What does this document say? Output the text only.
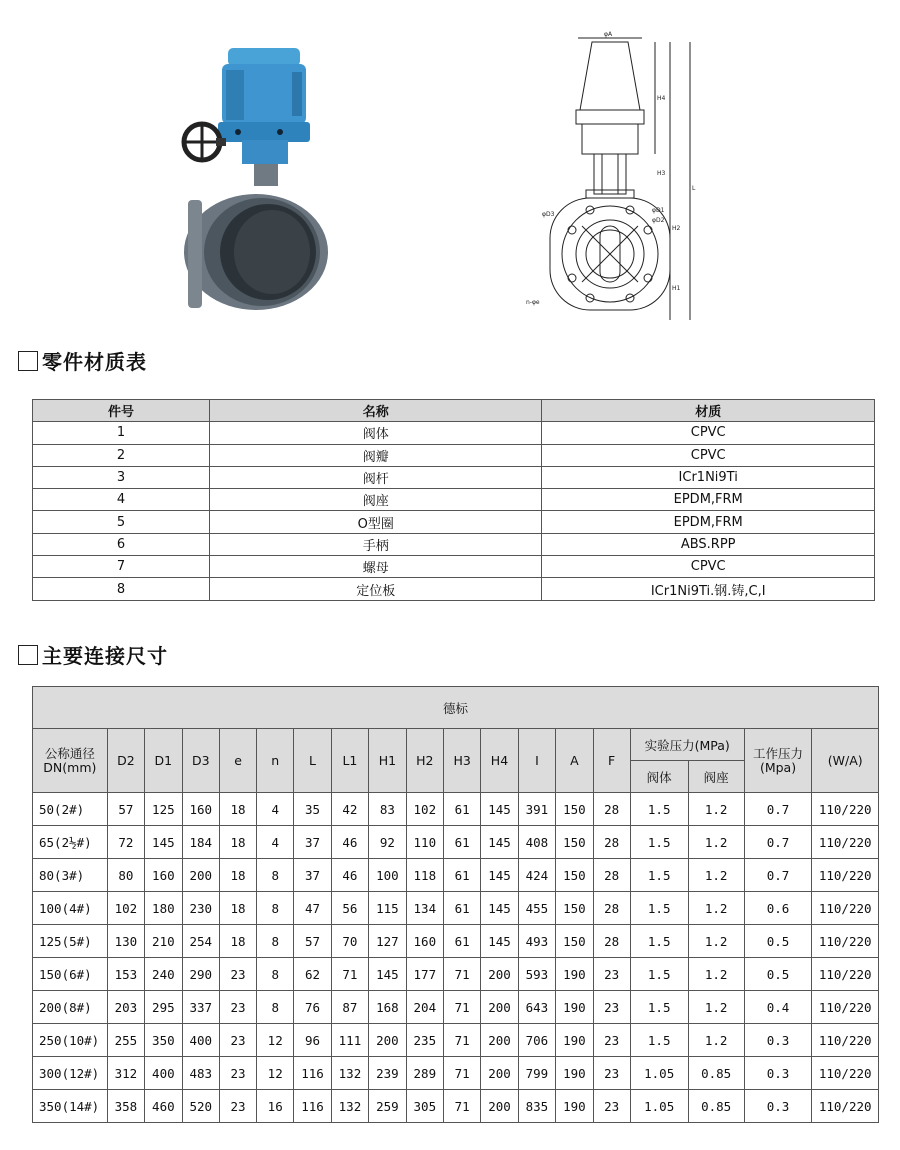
φA
H4
H3
H2
H1
L
φD3
φD1
φD2
n-φe
零件材质表
件号	名称	材质
1	阀体	CPVC
2	阀瓣	CPVC
3	阀杆	ICr1Ni9Ti
4	阀座	EPDM,FRM
5	O型圈	EPDM,FRM
6	手柄	ABS.RPP
7	螺母	CPVC
8	定位板	ICr1Ni9Ti.钢.铸,C,I
主要连接尺寸
德标																		
公称通径
DN(mm)	D2	D1	D3	e	n	L	L1	H1	H2	H3	H4	I	A	F	实验压力(MPa)		工作压力
(Mpa)	(W/A)
															阀体	阀座		
50(2#)	57	125	160	18	4	35	42	83	102	61	145	391	150	28	1.5	1.2	0.7	110/220
65(2½#)	72	145	184	18	4	37	46	92	110	61	145	408	150	28	1.5	1.2	0.7	110/220
80(3#)	80	160	200	18	8	37	46	100	118	61	145	424	150	28	1.5	1.2	0.7	110/220
100(4#)	102	180	230	18	8	47	56	115	134	61	145	455	150	28	1.5	1.2	0.6	110/220
125(5#)	130	210	254	18	8	57	70	127	160	61	145	493	150	28	1.5	1.2	0.5	110/220
150(6#)	153	240	290	23	8	62	71	145	177	71	200	593	190	23	1.5	1.2	0.5	110/220
200(8#)	203	295	337	23	8	76	87	168	204	71	200	643	190	23	1.5	1.2	0.4	110/220
250(10#)	255	350	400	23	12	96	111	200	235	71	200	706	190	23	1.5	1.2	0.3	110/220
300(12#)	312	400	483	23	12	116	132	239	289	71	200	799	190	23	1.05	0.85	0.3	110/220
350(14#)	358	460	520	23	16	116	132	259	305	71	200	835	190	23	1.05	0.85	0.3	110/220
